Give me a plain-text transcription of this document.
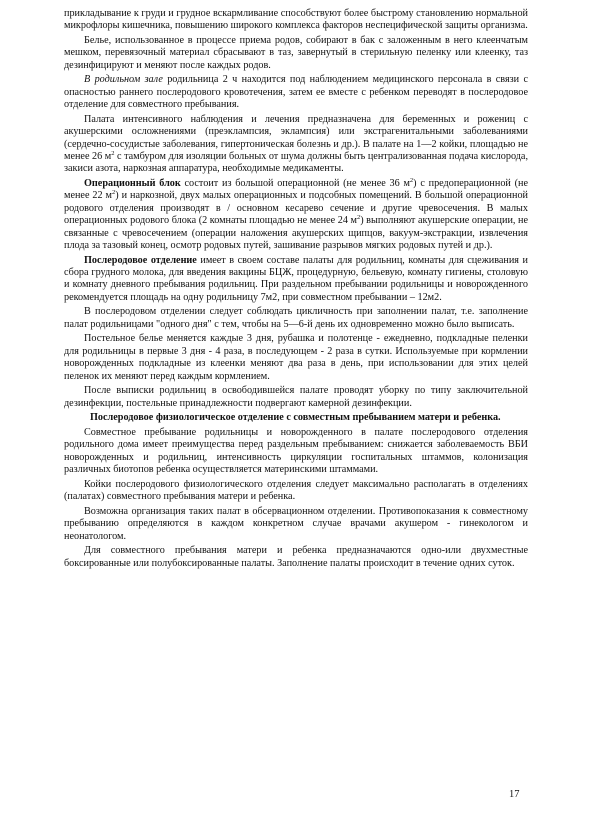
прикладывание к груди и грудное вскармливание способствуют более быстрому становлению нормальной микрофлоры кишечника, повышению широкого комплекса факторов неспецифической защиты организма.

Белье, использованное в процессе приема родов, собирают в бак с заложенным в него клеенчатым мешком, перевязочный материал сбрасывают в таз, завернутый в стерильную пеленку или клеенку, таз дезинфицируют и меняют после каждых родов.

В родильном зале родильница 2 ч находится под наблюдением медицинского персонала в связи с опасностью раннего послеродового кровотечения, затем ее вместе с ребенком переводят в послеродовое отделение для совместного пребывания.

Палата интенсивного наблюдения и лечения предназначена для беременных и рожениц с акушерскими осложнениями (преэклампсия, эклампсия) или экстрагенитальными заболеваниями (сердечно-сосудистые заболевания, гипертоническая болезнь и др.). В палате на 1—2 койки, площадью не менее 26 $м^2$ с тамбуром для изоляции больных от шума должны быть централизованная подача кислорода, закиси азота, наркозная аппаратура, необходимые медикаменты.

Операционный блок состоит из большой операционной (не менее 36 $м^2$) с предоперационной (не менее 22 $м^2$) и наркозной, двух малых операционных и подсобных помещений. В большой операционной родового отделения производят в / основном кесарево сечение и другие чревосечения. В малых операционных родового блока (2 комнаты площадью не менее 24 $м^2$) выполняют акушерские операции, не связанные с чревосечением (операции наложения акушерских щипцов, вакуум-экстракции, извлечения плода за тазовый конец, осмотр родовых путей, зашивание разрывов мягких родовых путей и др.).

Послеродовое отделение имеет в своем составе палаты для родильниц, комнаты для сцеживания и сбора грудного молока, для введения вакцины БЦЖ, процедурную, бельевую, комнату гигиены, столовую и комнату дневного пребывания родильниц. При раздельном пребывании родильницы и новорожденного рекомендуется площадь на одну родильницу 7м2, при совместном пребывании – 12м2.

В послеродовом отделении следует соблюдать цикличность при заполнении палат, т.е. заполнение палат родильницами "одного дня" с тем, чтобы на 5—6-й день их одновременно можно было выписать.

Постельное белье меняется каждые 3 дня, рубашка и полотенце - ежедневно, подкладные пеленки для родильницы в первые 3 дня - 4 раза, в последующем - 2 раза в сутки. Используемые при кормлении новорожденных подкладные из клеенки меняют два раза в день, при использовании для этих целей пеленок их меняют перед каждым кормлением.

После выписки родильниц в освободившейся палате проводят уборку по типу заключительной дезинфекции, постельные принадлежности подвергают камерной дезинфекции.

Послеродовое физиологическое отделение с совместным пребыванием матери и ребенка.

Совместное пребывание родильницы и новорожденного в палате послеродового отделения родильного дома имеет преимущества перед раздельным пребыванием: снижается заболеваемость ВБИ новорожденных и родильниц, интенсивность циркуляции госпитальных штаммов, колонизация различных биотопов ребенка осуществляется материнскими штаммами.

Койки послеродового физиологического отделения следует максимально располагать в отделениях (палатах) совместного пребывания матери и ребенка.

Возможна организация таких палат в обсервационном отделении. Противопоказания к совместному пребыванию определяются в каждом конкретном случае врачами акушером - гинекологом и неонатологом.

Для совместного пребывания матери и ребенка предназначаются одно-или двухместные боксированные или полубоксированные палаты. Заполнение палаты происходит в течение одних суток.

17
